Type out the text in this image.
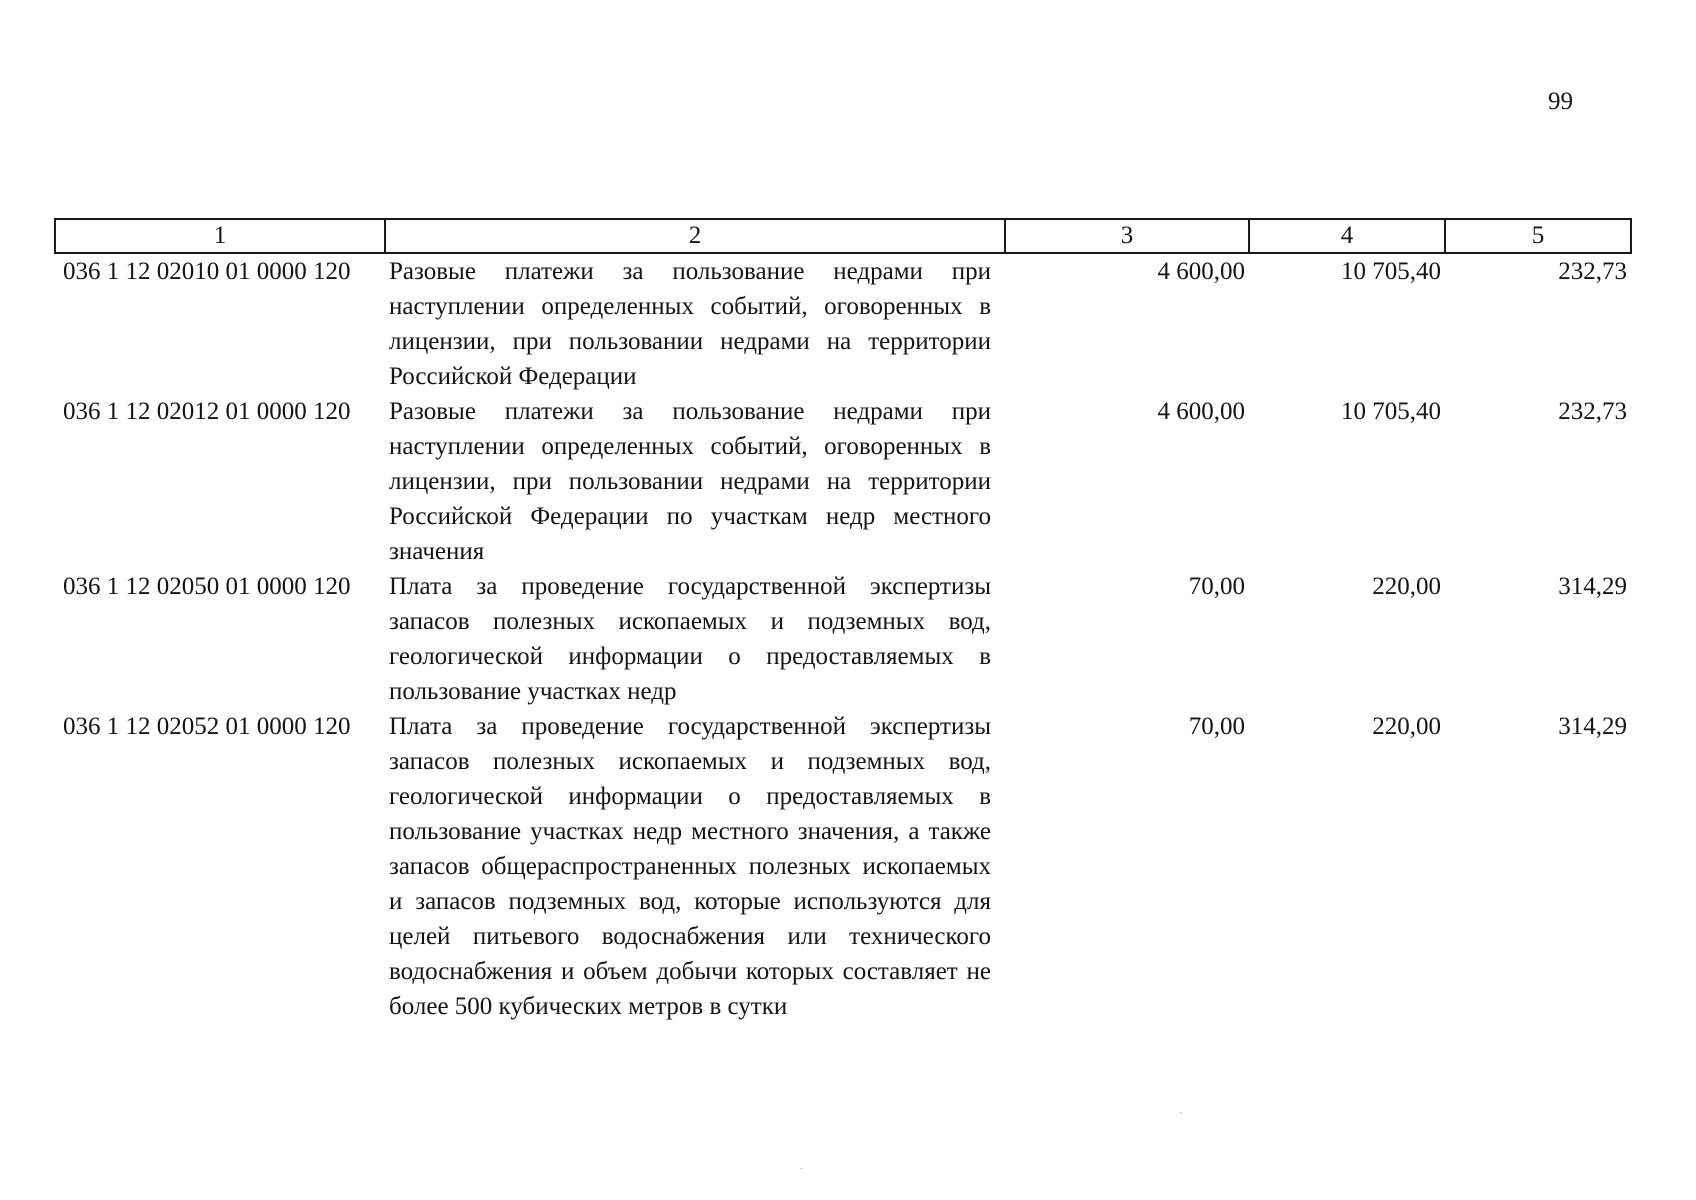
99
1	2	3	4	5
036 1 12 02010 01 0000 120	Разовые платежи за пользование недрами при наступлении определенных событий, оговоренных в лицензии, при пользовании недрами на территории Российской Федерации	4 600,00	10 705,40	232,73
036 1 12 02012 01 0000 120	Разовые платежи за пользование недрами при наступлении определенных событий, оговоренных в лицензии, при пользовании недрами на территории Российской Федерации по участкам недр местного значения	4 600,00	10 705,40	232,73
036 1 12 02050 01 0000 120	Плата за проведение государственной экспертизы запасов полезных ископаемых и подземных вод, геологической информации о предоставляемых в пользование участках недр	70,00	220,00	314,29
036 1 12 02052 01 0000 120	Плата за проведение государственной экспертизы запасов полезных ископаемых и подземных вод, геологической информации о предоставляемых в пользование участках недр местного значения, а также запасов общераспространенных полезных ископаемых и запасов подземных вод, которые используются для целей питьевого водоснабжения или технического водоснабжения и объем добычи которых составляет не более 500 кубических метров в сутки	70,00	220,00	314,29
